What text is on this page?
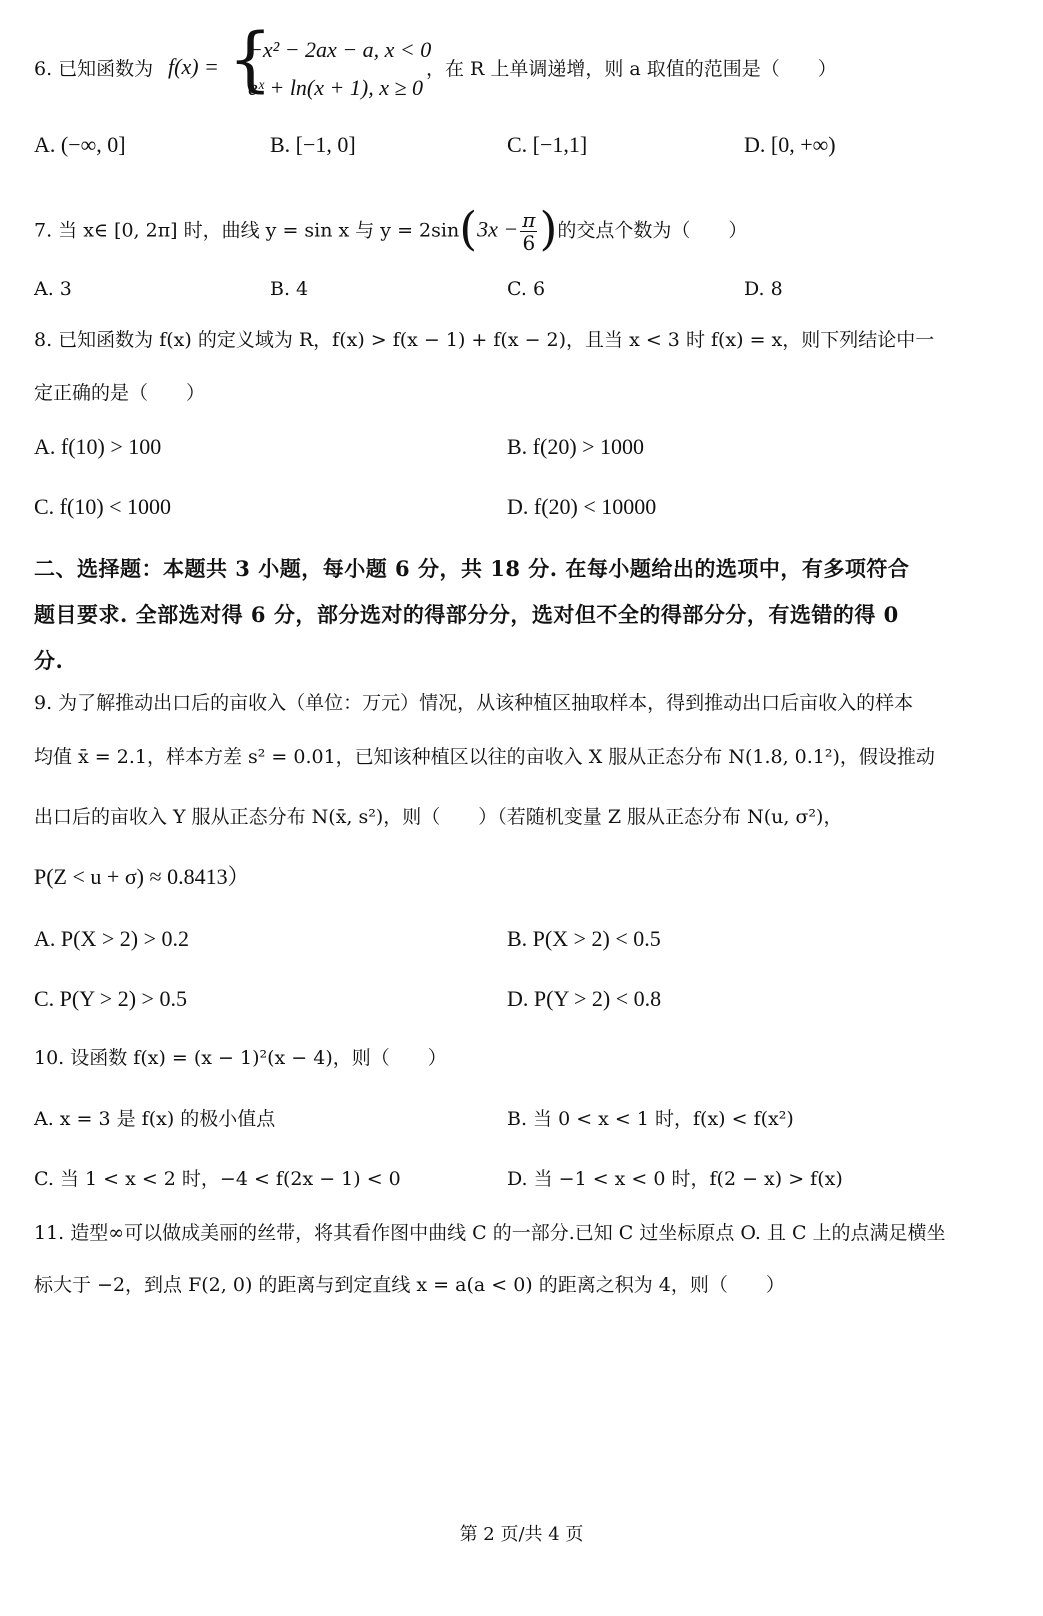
6. 已知函数为 f(x) = {
−x² − 2ax − a, x < 0
eˣ + ln(x + 1), x ≥ 0
，在 R 上单调递增，则 a 取值的范围是（　　）
A. (−∞, 0]	B. [−1, 0]	C. [−1,1]	D. [0, +∞)
7. 当 x∈ [0, 2π] 时，曲线 y = sin x 与 $y = 2\sin(3x - \frac{\pi}{6}$ )的交点个数为（　　）
A. 3	B. 4	C. 6	D. 8
8. 已知函数为 f(x) 的定义域为 R，f(x) > f(x − 1) + f(x − 2)，且当 x < 3 时 f(x) = x，则下列结论中一
定正确的是（　　）
A. f(10) > 100	B. f(20) > 1000
C. f(10) < 1000	D. f(20) < 10000
二、选择题：本题共 3 小题，每小题 6 分，共 18 分. 在每小题给出的选项中，有多项符合
题目要求. 全部选对得 6 分，部分选对的得部分分，选对但不全的得部分分，有选错的得 0
分.
9. 为了解推动出口后的亩收入（单位：万元）情况，从该种植区抽取样本，得到推动出口后亩收入的样本
均值 x̄ = 2.1，样本方差 s² = 0.01，已知该种植区以往的亩收入 X 服从正态分布 N(1.8, 0.1²)，假设推动
出口后的亩收入 Y 服从正态分布 N(x̄, s²)，则（　　）（若随机变量 Z 服从正态分布 N(u, σ²)，
P(Z < u + σ) ≈ 0.8413）
A. P(X > 2) > 0.2	B. P(X > 2) < 0.5
C. P(Y > 2) > 0.5	D. P(Y > 2) < 0.8
10. 设函数 f(x) = (x − 1)²(x − 4)，则（　　）
A. x = 3 是 f(x) 的极小值点	B. 当 0 < x < 1 时，f(x) < f(x²)
C. 当 1 < x < 2 时，−4 < f(2x − 1) < 0	D. 当 −1 < x < 0 时，f(2 − x) > f(x)
11. 造型∞可以做成美丽的丝带，将其看作图中曲线 C 的一部分.已知 C 过坐标原点 O. 且 C 上的点满足横坐
标大于 −2，到点 F(2, 0) 的距离与到定直线 x = a(a < 0) 的距离之积为 4，则（　　）
第 2 页/共 4 页
